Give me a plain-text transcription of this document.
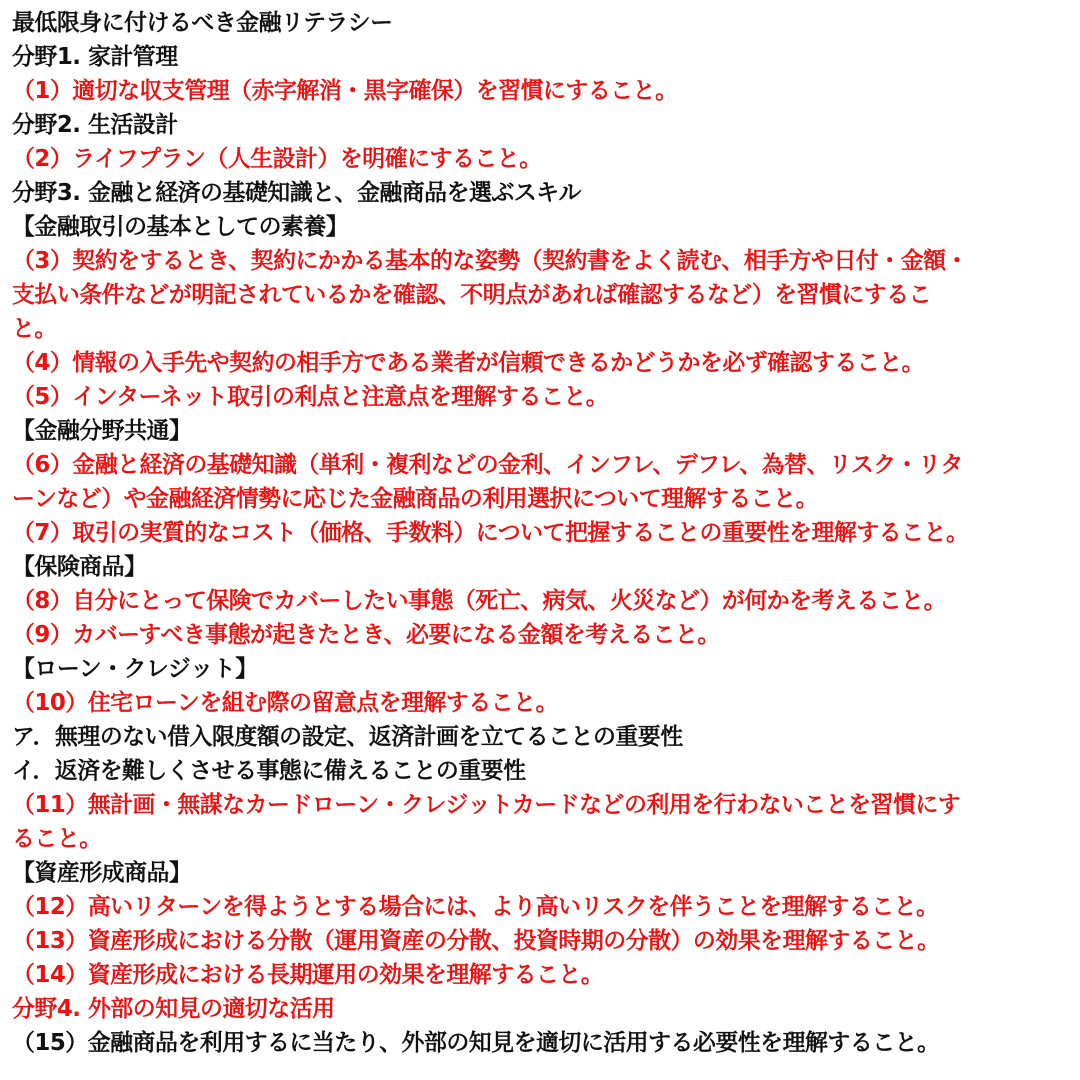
最低限身に付けるべき金融リテラシー
分野1. 家計管理
（1）適切な収支管理（赤字解消・黒字確保）を習慣にすること。
分野2. 生活設計
（2）ライフプラン（人生設計）を明確にすること。
分野3. 金融と経済の基礎知識と、金融商品を選ぶスキル
【金融取引の基本としての素養】
（3）契約をするとき、契約にかかる基本的な姿勢（契約書をよく読む、相手方や日付・金額・
支払い条件などが明記されているかを確認、不明点があれば確認するなど）を習慣にするこ
と。
（4）情報の入手先や契約の相手方である業者が信頼できるかどうかを必ず確認すること。
（5）インターネット取引の利点と注意点を理解すること。
【金融分野共通】
（6）金融と経済の基礎知識（単利・複利などの金利、インフレ、デフレ、為替、リスク・リタ
ーンなど）や金融経済情勢に応じた金融商品の利用選択について理解すること。
（7）取引の実質的なコスト（価格、手数料）について把握することの重要性を理解すること。
【保険商品】
（8）自分にとって保険でカバーしたい事態（死亡、病気、火災など）が何かを考えること。
（9）カバーすべき事態が起きたとき、必要になる金額を考えること。
【ローン・クレジット】
（10）住宅ローンを組む際の留意点を理解すること。
ア．無理のない借入限度額の設定、返済計画を立てることの重要性
イ．返済を難しくさせる事態に備えることの重要性
（11）無計画・無謀なカードローン・クレジットカードなどの利用を行わないことを習慣にす
ること。
【資産形成商品】
（12）高いリターンを得ようとする場合には、より高いリスクを伴うことを理解すること。
（13）資産形成における分散（運用資産の分散、投資時期の分散）の効果を理解すること。
（14）資産形成における長期運用の効果を理解すること。
分野4. 外部の知見の適切な活用
（15）金融商品を利用するに当たり、外部の知見を適切に活用する必要性を理解すること。
